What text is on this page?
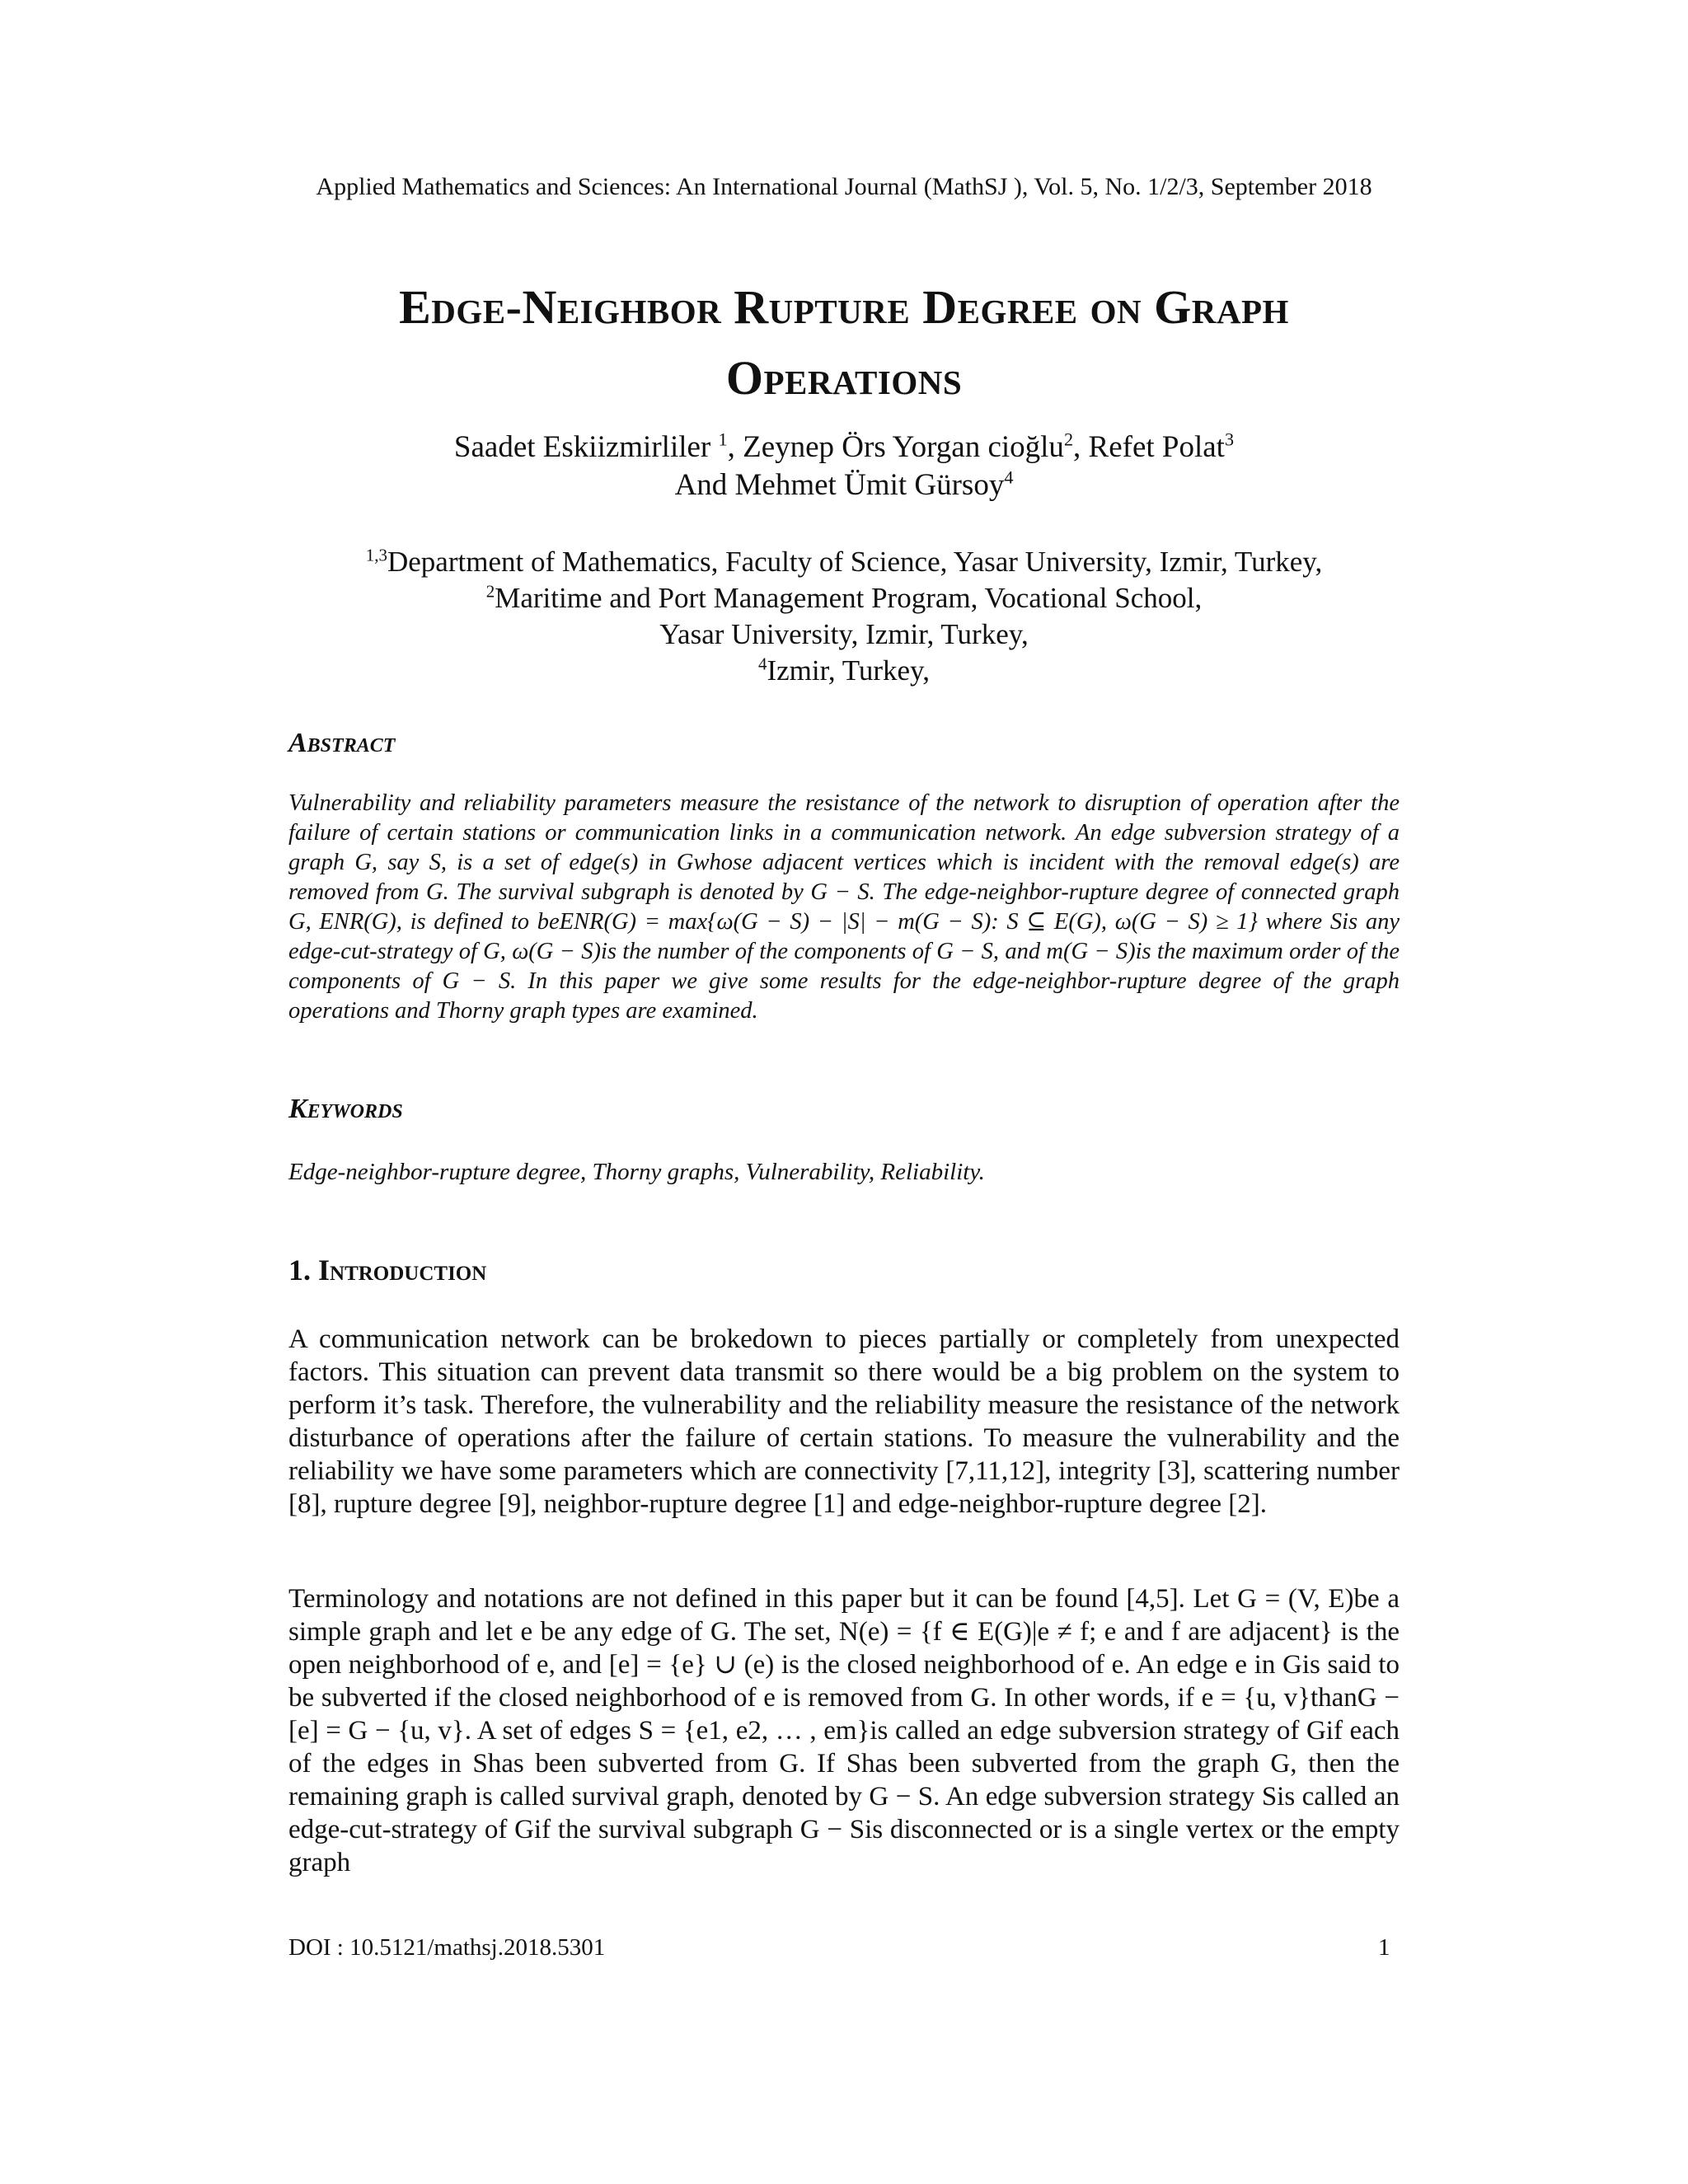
Applied Mathematics and Sciences: An International Journal (MathSJ ), Vol. 5, No. 1/2/3, September 2018
Edge-Neighbor Rupture Degree on Graph
Operations
Saadet Eskiizmirliler $^1$, Zeynep Örs Yorgan cioğlu$^2$, Refet Polat$^3$
And Mehmet Ümit Gürsoy$^4$
$^{1,3}$Department of Mathematics, Faculty of Science, Yasar University, Izmir, Turkey,
$^2$Maritime and Port Management Program, Vocational School,
Yasar University, Izmir, Turkey,
$^4$Izmir, Turkey,
Abstract
Vulnerability and reliability parameters measure the resistance of the network to disruption of operation after the failure of certain stations or communication links in a communication network. An edge subversion strategy of a graph G, say S, is a set of edge(s) in Gwhose adjacent vertices which is incident with the removal edge(s) are removed from G. The survival subgraph is denoted by G − S. The edge-neighbor-rupture degree of connected graph G, ENR(G), is defined to beENR(G) = max{ω(G − S) − |S| − m(G − S): S ⊆ E(G), ω(G − S) ≥ 1} where Sis any edge-cut-strategy of G, ω(G − S)is the number of the components of G − S, and m(G − S)is the maximum order of the components of G − S. In this paper we give some results for the edge-neighbor-rupture degree of the graph operations and Thorny graph types are examined.
Keywords
Edge-neighbor-rupture degree, Thorny graphs, Vulnerability, Reliability.
1. Introduction
A communication network can be brokedown to pieces partially or completely from unexpected factors. This situation can prevent data transmit so there would be a big problem on the system to perform it’s task. Therefore, the vulnerability and the reliability measure the resistance of the network disturbance of operations after the failure of certain stations. To measure the vulnerability and the reliability we have some parameters which are connectivity [7,11,12], integrity [3], scattering number [8], rupture degree [9], neighbor-rupture degree [1] and edge-neighbor-rupture degree [2].
Terminology and notations are not defined in this paper but it can be found [4,5]. Let G = (V, E)be a simple graph and let e be any edge of G. The set, N(e) = {f ∈ E(G)|e ≠ f; e and f are adjacent} is the open neighborhood of e, and [e] = {e} ∪ (e) is the closed neighborhood of e. An edge e in Gis said to be subverted if the closed neighborhood of e is removed from G. In other words, if e = {u, v}thanG − [e] = G − {u, v}. A set of edges S = {e1, e2, … , em}is called an edge subversion strategy of Gif each of the edges in Shas been subverted from G. If Shas been subverted from the graph G, then the remaining graph is called survival graph, denoted by G − S. An edge subversion strategy Sis called an edge-cut-strategy of Gif the survival subgraph G − Sis disconnected or is a single vertex or the empty graph
DOI : 10.5121/mathsj.2018.5301	1
